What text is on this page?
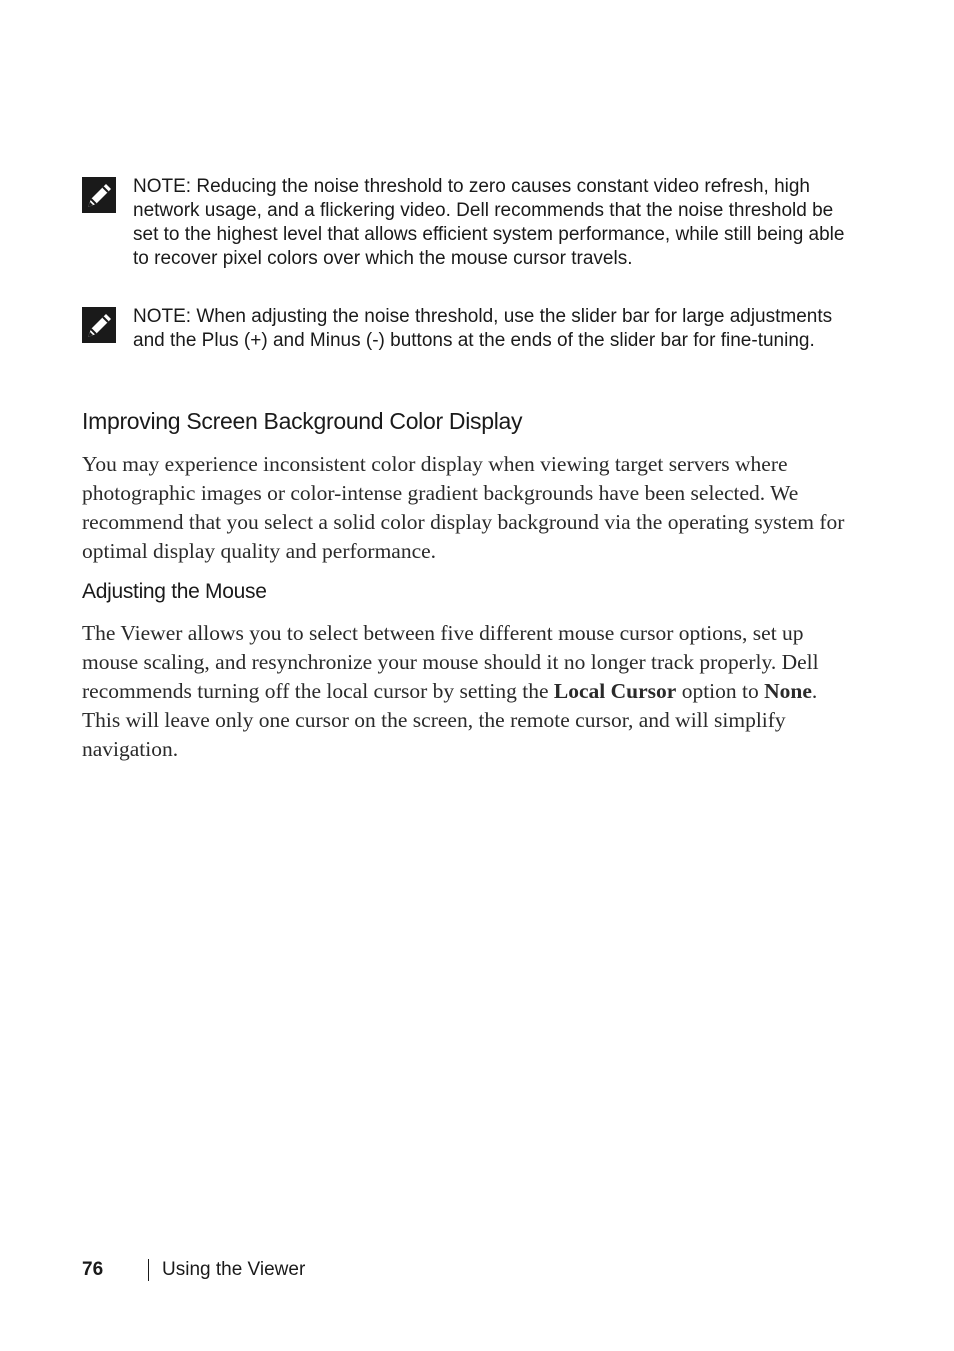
NOTE: Reducing the noise threshold to zero causes constant video refresh, high network usage, and a flickering video. Dell recommends that the noise threshold be set to the highest level that allows efficient system performance, while still being able to recover pixel colors over which the mouse cursor travels.
NOTE: When adjusting the noise threshold, use the slider bar for large adjustments and the Plus (+) and Minus (-) buttons at the ends of the slider bar for fine-tuning.
Improving Screen Background Color Display

You may experience inconsistent color display when viewing target servers where photographic images or color-intense gradient backgrounds have been selected. We recommend that you select a solid color display background via the operating system for optimal display quality and performance.

Adjusting the Mouse

The Viewer allows you to select between five different mouse cursor options, set up mouse scaling, and resynchronize your mouse should it no longer track properly. Dell recommends turning off the local cursor by setting the Local Cursor option to None. This will leave only one cursor on the screen, the remote cursor, and will simplify navigation.

76	Using the Viewer
